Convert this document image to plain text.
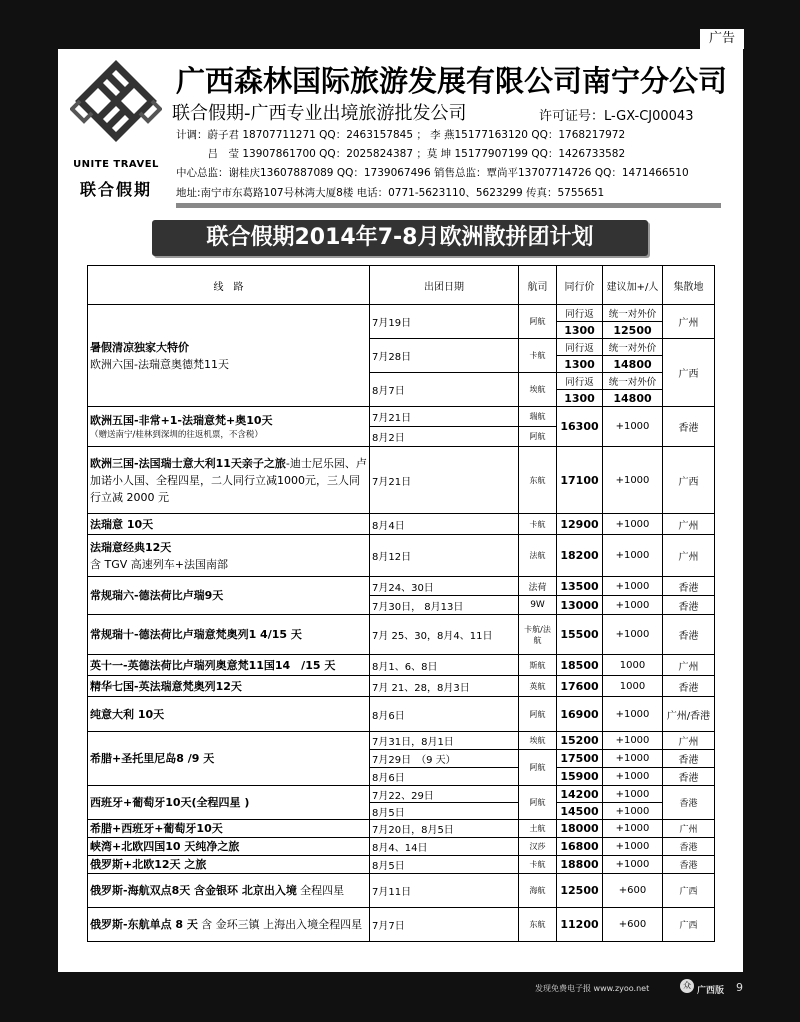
广告
UNITE TRAVEL
联合假期
广西森林国际旅游发展有限公司南宁分公司
联合假期-广西专业出境旅游批发公司	许可证号：L-GX-CJ00043
计调：蔚子君 18707711271 QQ：2463157845 ； 李 燕15177163120 QQ：1768217972
　　　吕　莹 13907861700 QQ：2025824387 ；莫 坤 15177907199 QQ：1426733582
中心总监：谢桂庆13607887089 QQ：1739067496 销售总监：覃尚平13707714726 QQ：1471466510
地址:南宁市东葛路107号林湾大厦8楼 电话：0771-5623110、5623299 传真：5755651
联合假期2014年7-8月欧洲散拼团计划
线　路	出团日期	航司	同行价	建议加+/人	集散地

暑假清凉独家大特价
欧洲六国-法瑞意奥德梵11天	7月19日	阿航	同行返	统一对外价	广州
			1300	12500	
	7月28日	卡航	同行返	统一对外价	广西
			1300	14800	
	8月7日	埃航	同行返	统一对外价	
			1300	14800	

欧洲五国-非常+1-法瑞意梵+奥10天
（赠送南宁/桂林到深圳的往返机票，不含税）	7月21日	瑞航	16300	+1000	香港
	8月2日	阿航			
欧洲三国-法国瑞士意大利11天亲子之旅-迪士尼乐园、卢加诺小人国、全程四星，二人同行立减1000元，三人同行立减 2000 元	7月21日	东航	17100	+1000	广西
法瑞意 10天	8月4日	卡航	12900	+1000	广州

法瑞意经典12天
含 TGV 高速列车+法国南部	8月12日	法航	18200	+1000	广州
常规瑞六-德法荷比卢瑞9天	7月24、30日	法荷	13500	+1000	香港
	7月30日， 8月13日	9W	13000	+1000	香港
常规瑞十-德法荷比卢瑞意梵奥列1 4/15 天	7月 25、30，8月4、11日	卡航/法航	15500	+1000	香港
英十一-英德法荷比卢瑞列奥意梵11国14　/15 天	8月1、6、8日	斯航	18500	1000	广州
精华七国-英法瑞意梵奥列12天	7月 21、28，8月3日	英航	17600	1000	香港
纯意大利 10天	8月6日	阿航	16900	+1000	广州/香港
希腊+圣托里尼岛8 /9 天	7月31日，8月1日	埃航	15200	+1000	广州
	7月29日　（9 天）	阿航	17500	+1000	香港
	8月6日		15900	+1000	香港
西班牙+葡萄牙10天(全程四星 )	7月22、29日	阿航	14200	+1000	香港
	8月5日		14500	+1000	
希腊+西班牙+葡萄牙10天	7月20日，8月5日	土航	18000	+1000	广州
峡湾+北欧四国10 天纯净之旅	8月4、14日	汉莎	16800	+1000	香港
俄罗斯+北欧12天 之旅	8月5日	卡航	18800	+1000	香港
俄罗斯-海航双点8天 含金银环 北京出入境 全程四星	7月11日	海航	12500	+600	广西
俄罗斯-东航单点 8 天 含 金环三镇 上海出入境全程四星	7月7日	东航	11200	+600	广西
发现免费电子报 www.zyoo.net	众
广西版 9
